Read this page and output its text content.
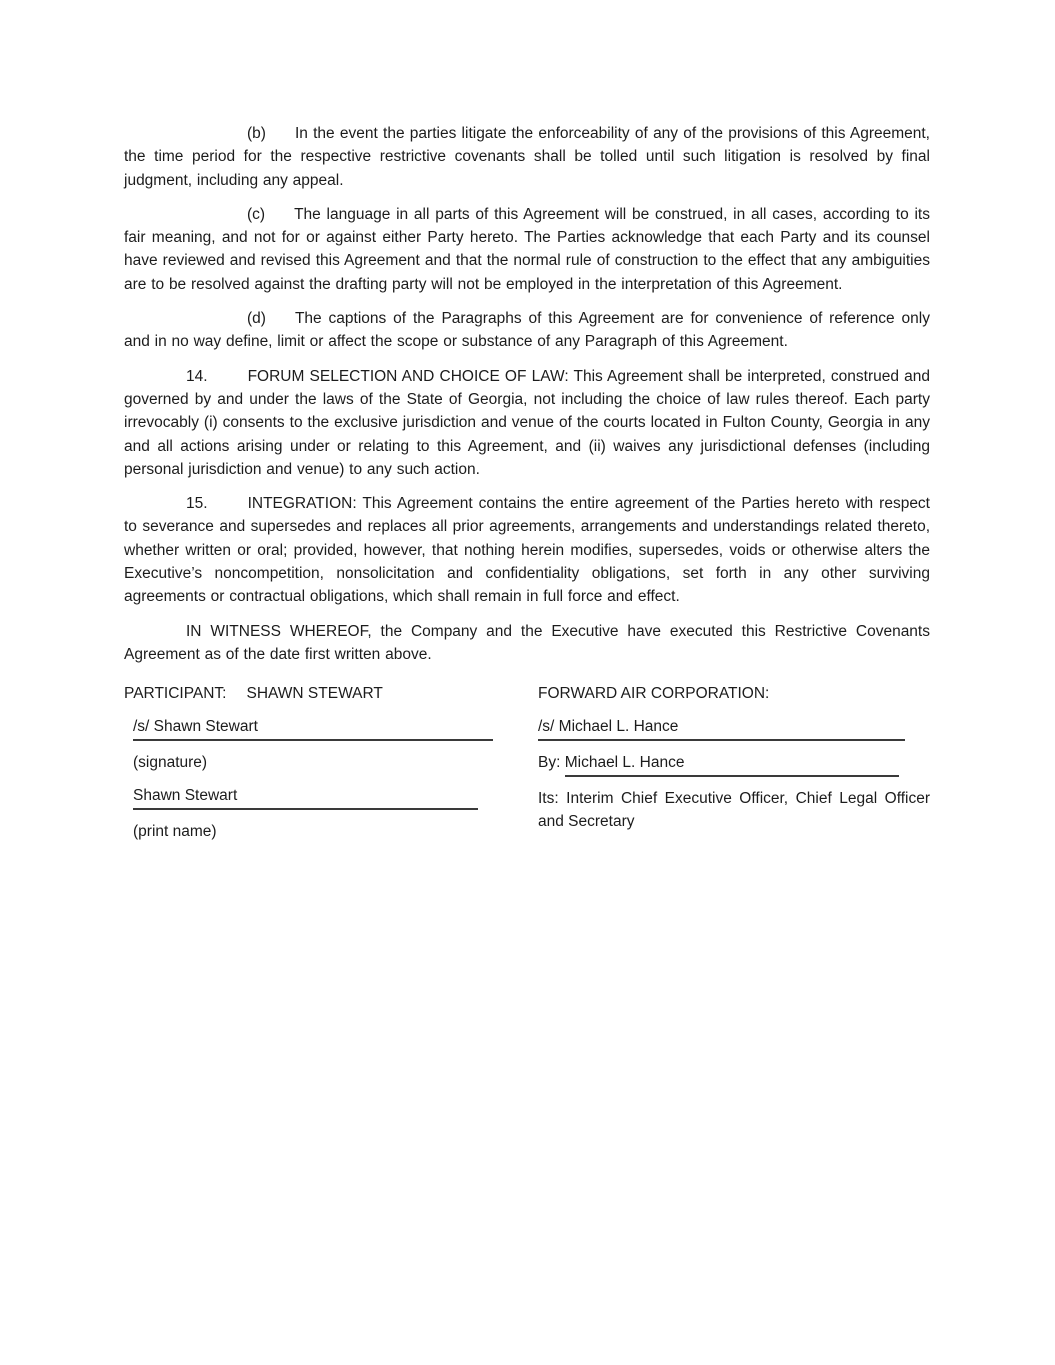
(b) In the event the parties litigate the enforceability of any of the provisions of this Agreement, the time period for the respective restrictive covenants shall be tolled until such litigation is resolved by final judgment, including any appeal.

(c) The language in all parts of this Agreement will be construed, in all cases, according to its fair meaning, and not for or against either Party hereto. The Parties acknowledge that each Party and its counsel have reviewed and revised this Agreement and that the normal rule of construction to the effect that any ambiguities are to be resolved against the drafting party will not be employed in the interpretation of this Agreement.

(d) The captions of the Paragraphs of this Agreement are for convenience of reference only and in no way define, limit or affect the scope or substance of any Paragraph of this Agreement.

14.	FORUM SELECTION AND CHOICE OF LAW: This Agreement shall be interpreted, construed and governed by and under the laws of the State of Georgia, not including the choice of law rules thereof. Each party irrevocably (i) consents to the exclusive jurisdiction and venue of the courts located in Fulton County, Georgia in any and all actions arising under or relating to this Agreement, and (ii) waives any jurisdictional defenses (including personal jurisdiction and venue) to any such action.

15.	INTEGRATION: This Agreement contains the entire agreement of the Parties hereto with respect to severance and supersedes and replaces all prior agreements, arrangements and understandings related thereto, whether written or oral; provided, however, that nothing herein modifies, supersedes, voids or otherwise alters the Executive’s noncompetition, nonsolicitation and confidentiality obligations, set forth in any other surviving agreements or contractual obligations, which shall remain in full force and effect.

IN WITNESS WHEREOF, the Company and the Executive have executed this Restrictive Covenants Agreement as of the date first written above.

PARTICIPANT: SHAWN STEWART
/s/ Shawn Stewart
(signature)
Shawn Stewart
(print name)
FORWARD AIR CORPORATION:
/s/ Michael L. Hance
By: Michael L. Hance
Its: Interim Chief Executive Officer, Chief Legal Officer and Secretary
